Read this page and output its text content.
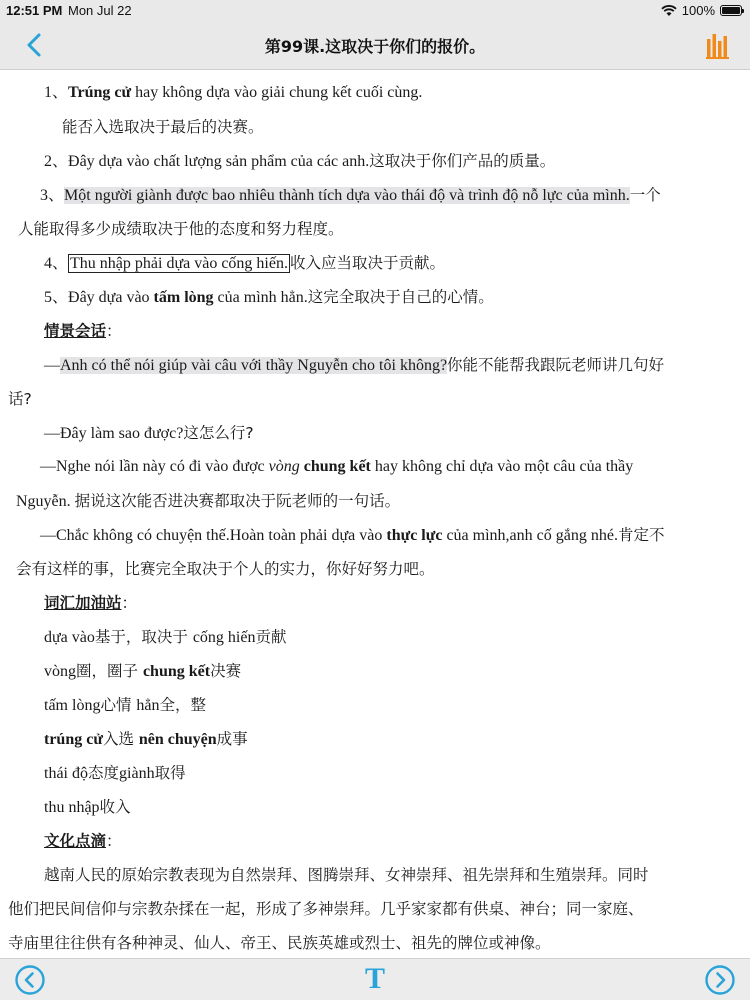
12:51 PM Mon Jul 22	100%
第99课.这取决于你们的报价。
1、Trúng cử hay không dựa vào giải chung kết cuối cùng.
能否入选取决于最后的决赛。
2、Đây dựa vào chất lượng sản phẩm của các anh.这取决于你们产品的质量。
3、Một người giành được bao nhiêu thành tích dựa vào thái độ và trình độ nỗ lực của mình.一个
人能取得多少成绩取决于他的态度和努力程度。
4、 Thu nhập phải dựa vào cống hiến. 收入应当取决于贡献。
5、Đây dựa vào tấm lòng của mình hẳn.这完全取决于自己的心情。
情景会话：
—Anh có thể nói giúp vài câu với thầy Nguyễn cho tôi không?你能不能帮我跟阮老师讲几句好
话?
—Đây làm sao được?这怎么行?
—Nghe nói lần này có đi vào được vòng chung kết hay không chỉ dựa vào một câu của thầy
Nguyễn. 据说这次能否进决赛都取决于阮老师的一句话。
—Chắc không có chuyện thế.Hoàn toàn phải dựa vào thực lực của mình,anh cố gắng nhé.肯定不
会有这样的事，比赛完全取决于个人的实力，你好好努力吧。
词汇加油站：
dựa vào基于，取决于 cống hiến贡献
vòng圈，圈子 chung kết决赛
tấm lòng心情 hẳn全，整
trúng cử入选 nên chuyện成事
thái độ态度giành取得
thu nhập收入
文化点滴：
越南人民的原始宗教表现为自然崇拜、图腾崇拜、女神崇拜、祖先崇拜和生殖崇拜。同时
他们把民间信仰与宗教杂揉在一起，形成了多神崇拜。几乎家家都有供桌、神台；同一家庭、
寺庙里往往供有各种神灵、仙人、帝王、民族英雄或烈士、祖先的牌位或神像。
T
